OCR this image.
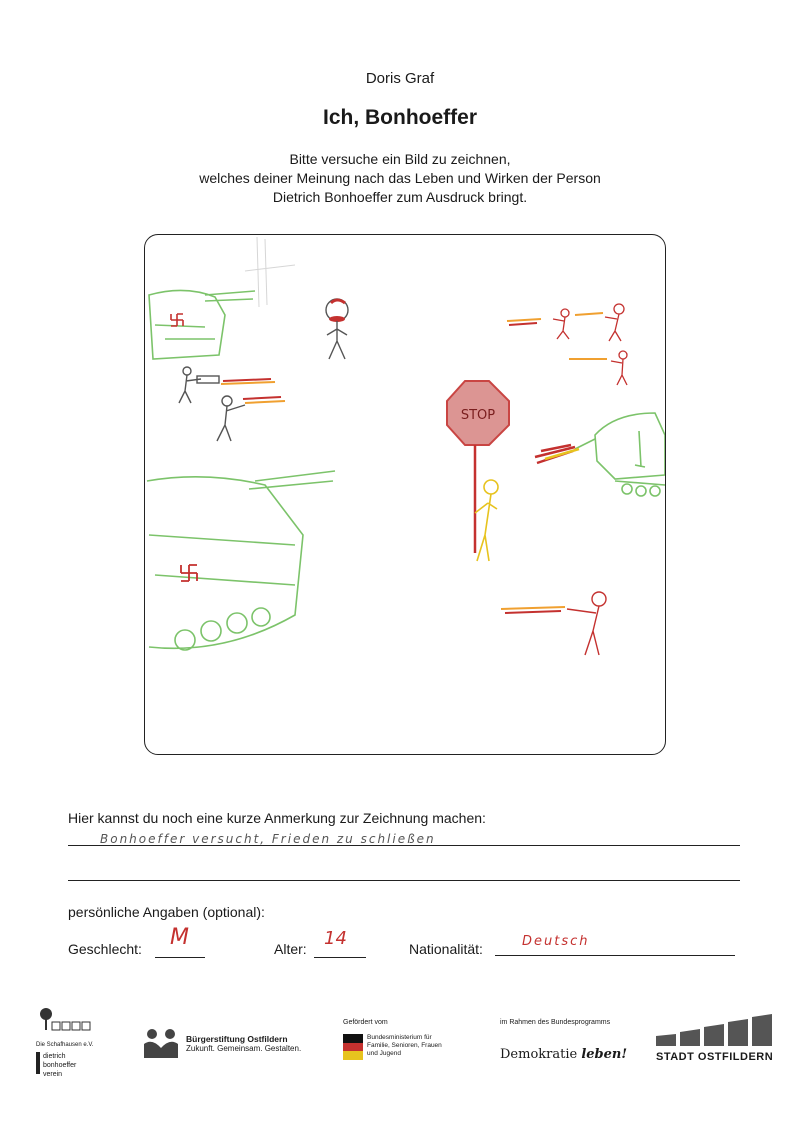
Doris Graf
Ich, Bonhoeffer
Bitte versuche ein Bild zu zeichnen,
welches deiner Meinung nach das Leben und Wirken der Person
Dietrich Bonhoeffer zum Ausdruck bringt.
STOP
Hier kannst du noch eine kurze Anmerkung zur Zeichnung machen:
Bonhoeffer versucht, Frieden zu schließen
persönliche Angaben (optional):
Geschlecht: M	Alter: 14	Nationalität:	Deutsch
Die Schafhausen e.V.
dietrich bonhoeffer verein
Bürgerstiftung Ostfildern
Zukunft. Gemeinsam. Gestalten.
Gefördert vom
Bundesministerium für Familie, Senioren, Frauen und Jugend
im Rahmen des Bundesprogramms
Demokratie leben!	STADT OSTFILDERN
